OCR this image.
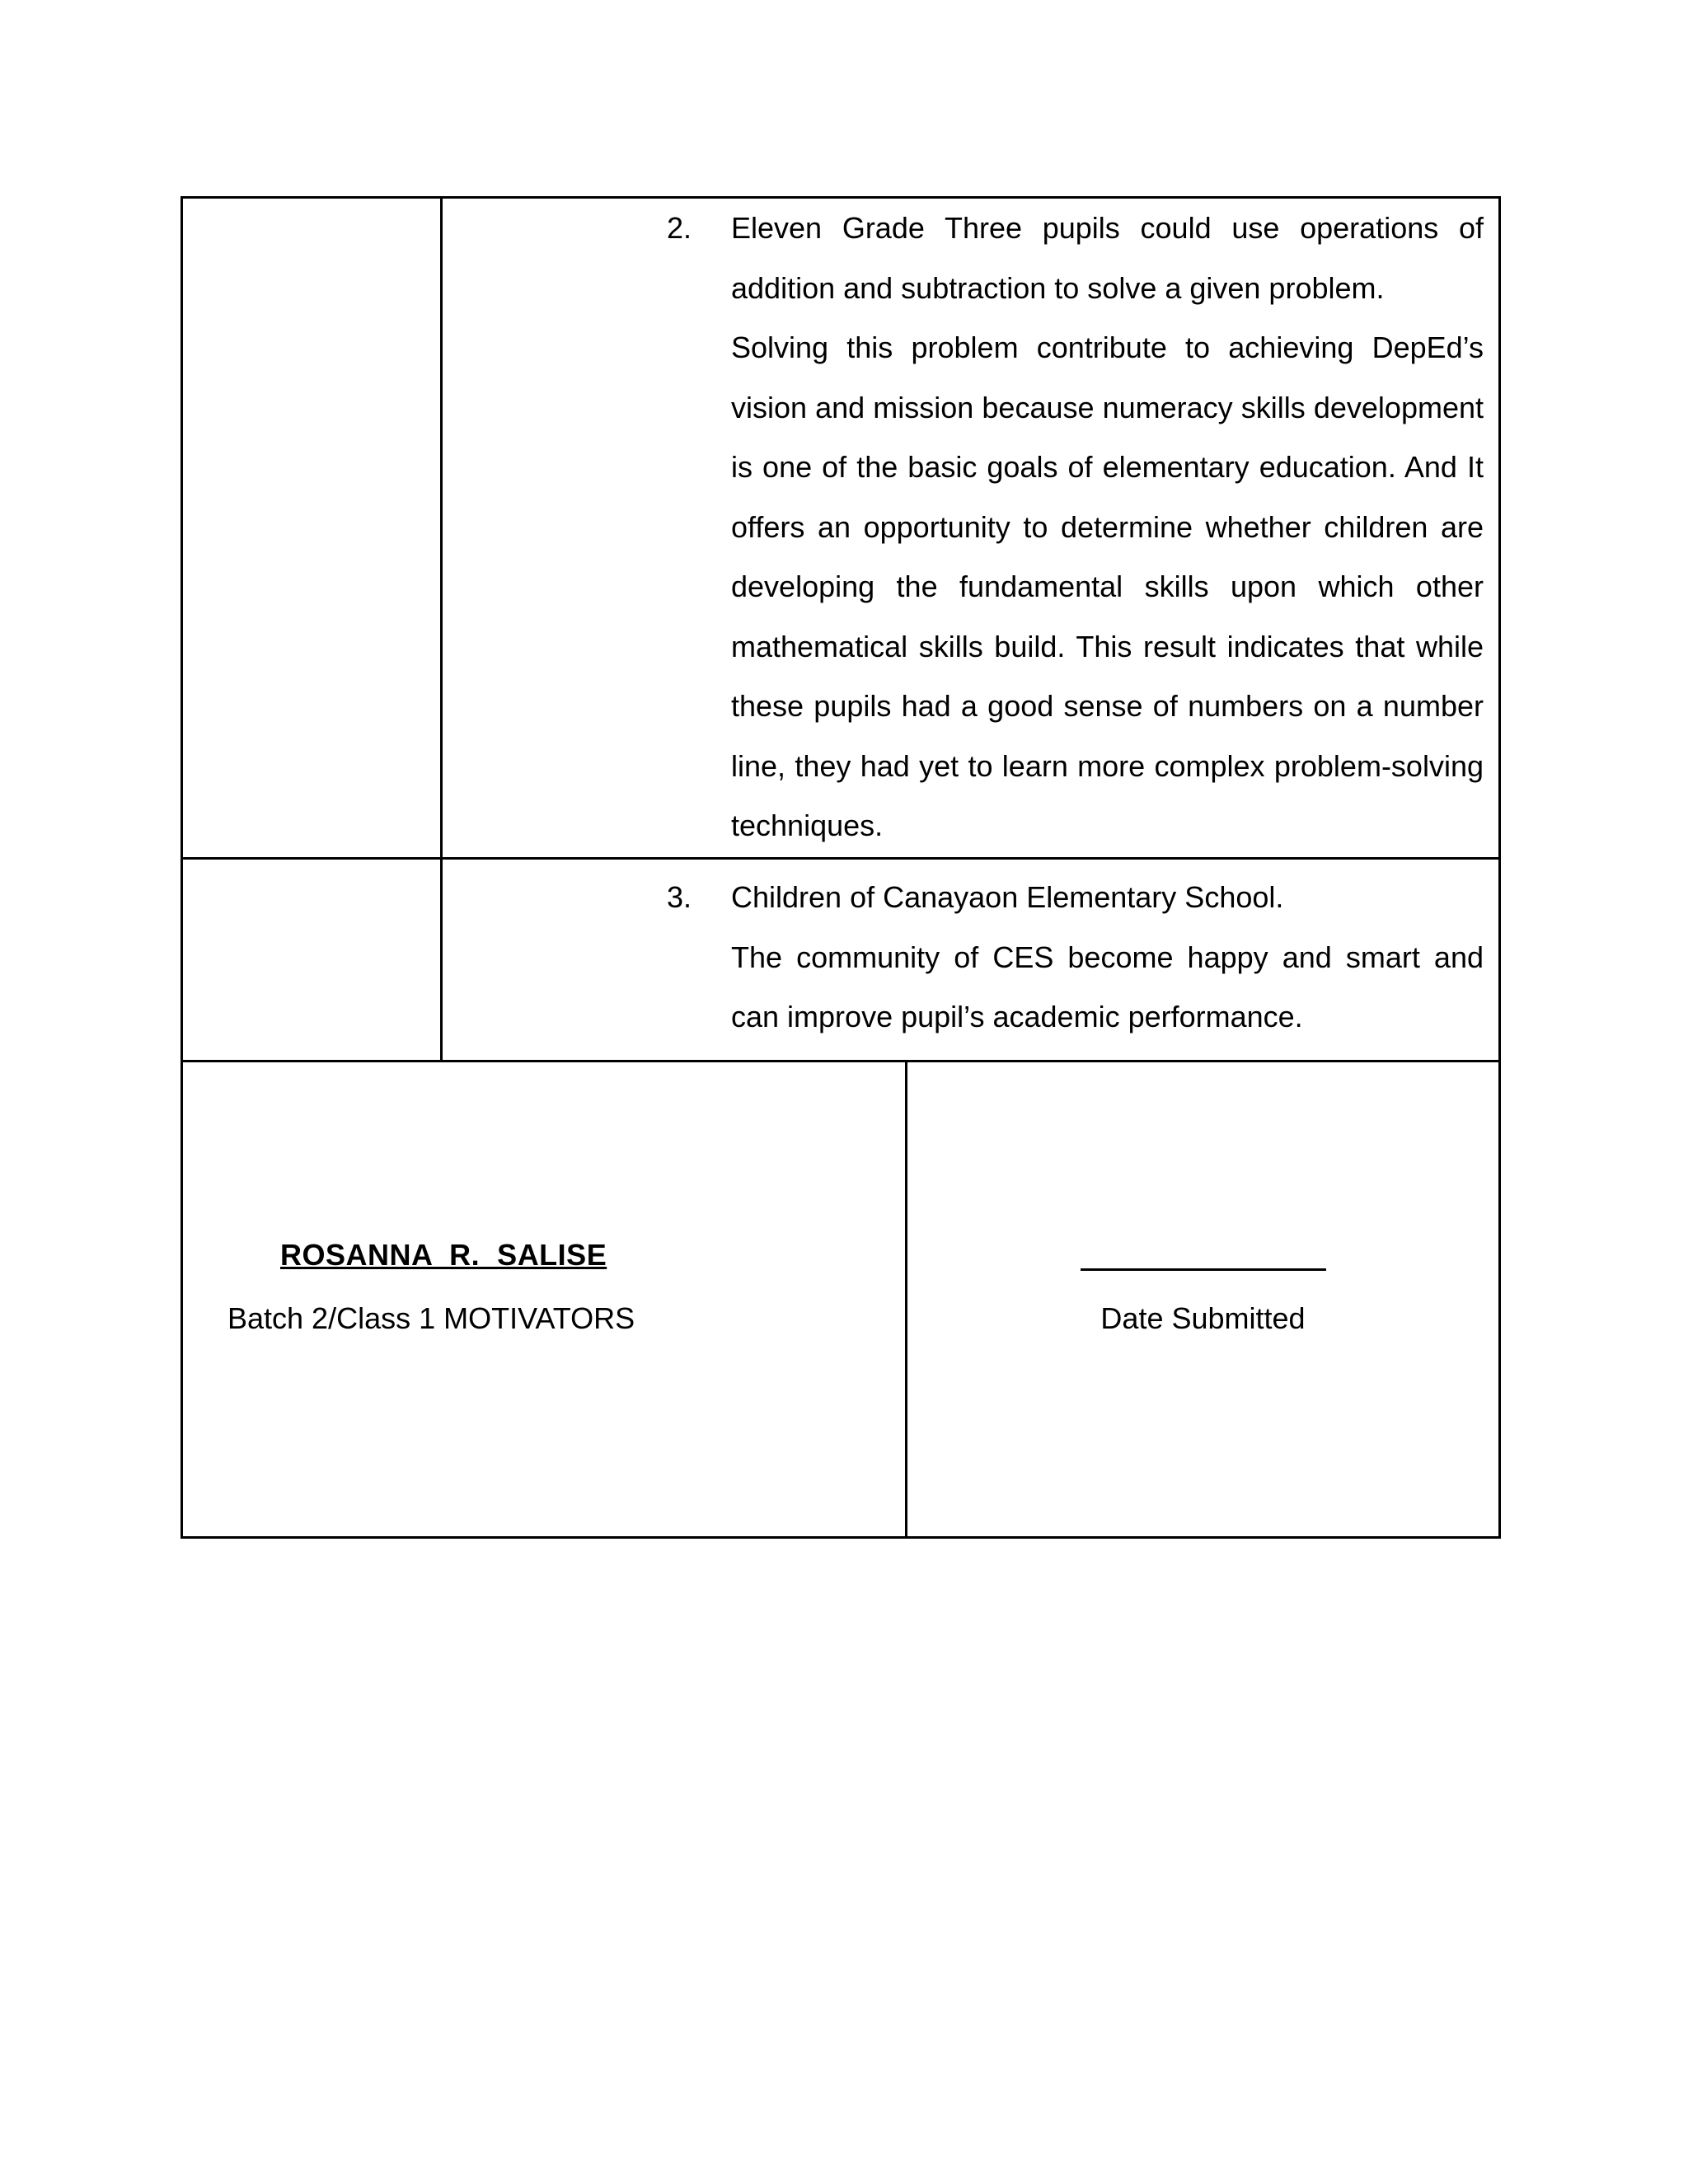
2.	Eleven Grade Three pupils could use operations of addition and subtraction to solve a given problem.

Solving this problem contribute to achieving DepEd’s vision and mission because numeracy skills development is one of the basic goals of elementary education. And It offers an opportunity to determine whether children are developing the fundamental skills upon which other mathematical skills build. This result indicates that while these pupils had a good sense of numbers on a number line, they had yet to learn more complex problem-solving techniques.

3.	Children of Canayaon Elementary School.

The community of CES become happy and smart and can improve pupil’s academic performance.

ROSANNA  R.  SALISE
Batch 2/Class 1 MOTIVATORS	Date Submitted
